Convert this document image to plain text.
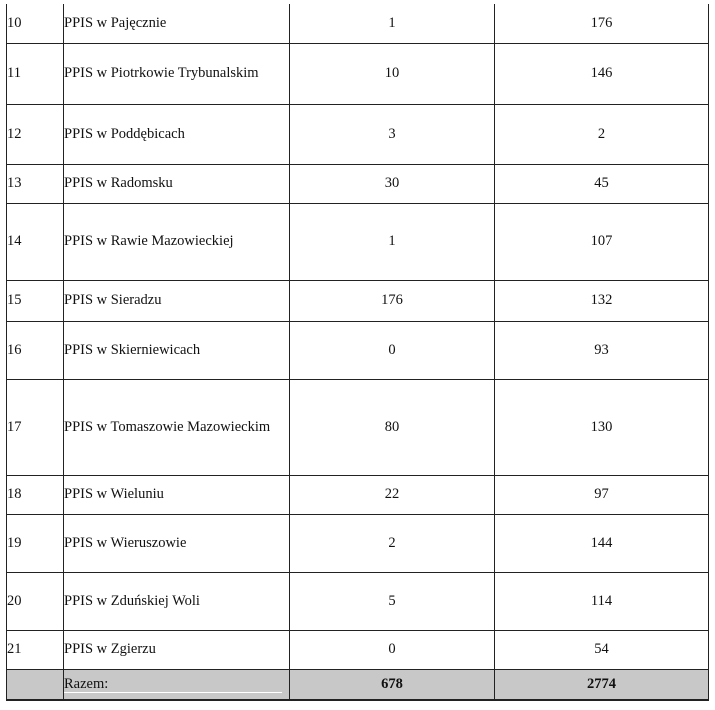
10	PPIS w Pajęcznie	1	176
11	PPIS w Piotrkowie Trybunalskim	10	146
12	PPIS w Poddębicach	3	2
13	PPIS w Radomsku	30	45
14	PPIS w Rawie Mazowieckiej	1	107
15	PPIS w Sieradzu	176	132
16	PPIS w Skierniewicach	0	93
17	PPIS w Tomaszowie Mazowieckim	80	130
18	PPIS w Wieluniu	22	97
19	PPIS w Wieruszowie	2	144
20	PPIS w Zduńskiej Woli	5	114
21	PPIS w Zgierzu	0	54
	Razem:	678	2774
